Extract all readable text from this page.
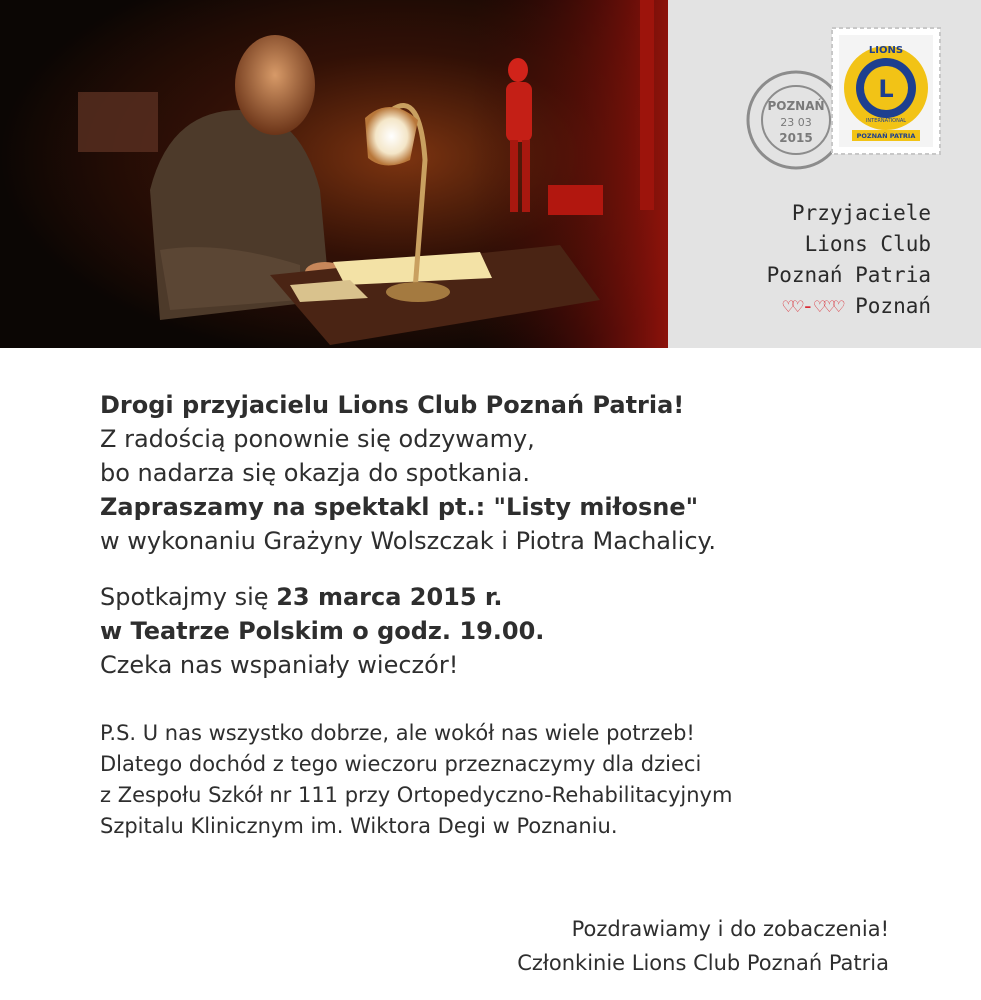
POZNAŃ
23 03
2015
LIONS
L
INTERNATIONAL
POZNAŃ PATRIA
Przyjaciele
Lions Club
Poznań Patria
♡♡-♡♡♡ Poznań

Drogi przyjacielu Lions Club Poznań Patria!

Z radością ponownie się odzywamy,

bo nadarza się okazja do spotkania.

Zapraszamy na spektakl pt.: "Listy miłosne"

w wykonaniu Grażyny Wolszczak i Piotra Machalicy.

Spotkajmy się 23 marca 2015 r.

w Teatrze Polskim o godz. 19.00.

Czeka nas wspaniały wieczór!

P.S. U nas wszystko dobrze, ale wokół nas wiele potrzeb!

Dlatego dochód z tego wieczoru przeznaczymy dla dzieci

z Zespołu Szkół nr 111 przy Ortopedyczno-Rehabilitacyjnym

Szpitalu Klinicznym im. Wiktora Degi w Poznaniu.

Pozdrawiamy i do zobaczenia!

Członkinie Lions Club Poznań Patria
